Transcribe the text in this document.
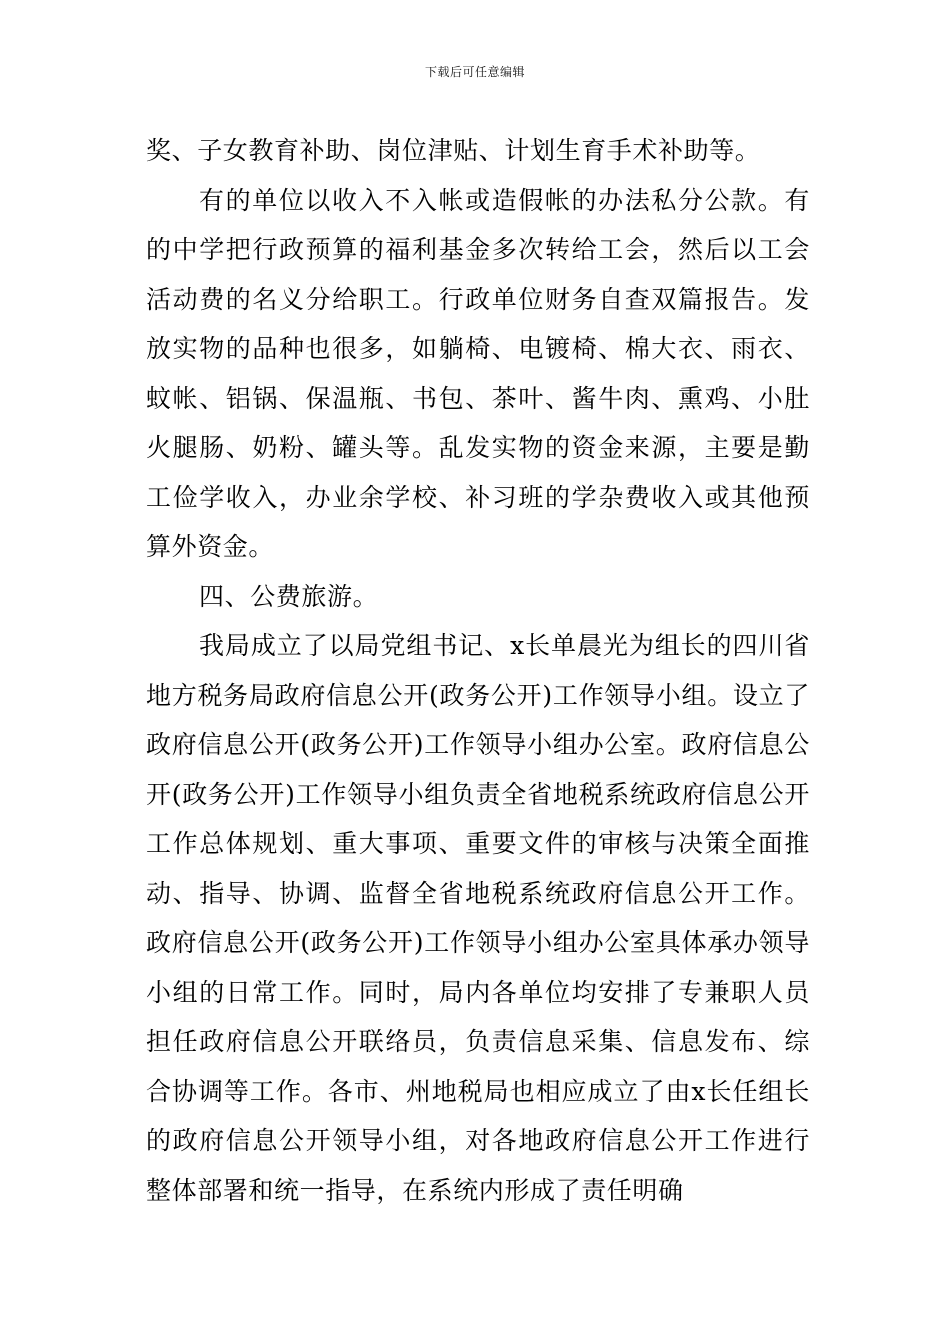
下载后可任意编辑

奖、子女教育补助、岗位津贴、计划生育手术补助等。

有的单位以收入不入帐或造假帐的办法私分公款。有的中学把行政预算的福利基金多次转给工会，然后以工会活动费的名义分给职工。行政单位财务自查双篇报告。发放实物的品种也很多，如躺椅、电镀椅、棉大衣、雨衣、蚊帐、铝锅、保温瓶、书包、茶叶、酱牛肉、熏鸡、小肚火腿肠、奶粉、罐头等。乱发实物的资金来源，主要是勤工俭学收入，办业余学校、补习班的学杂费收入或其他预算外资金。

四、公费旅游。

我局成立了以局党组书记、x长单晨光为组长的四川省地方税务局政府信息公开(政务公开)工作领导小组。设立了政府信息公开(政务公开)工作领导小组办公室。政府信息公开(政务公开)工作领导小组负责全省地税系统政府信息公开工作总体规划、重大事项、重要文件的审核与决策全面推动、指导、协调、监督全省地税系统政府信息公开工作。政府信息公开(政务公开)工作领导小组办公室具体承办领导小组的日常工作。同时，局内各单位均安排了专兼职人员担任政府信息公开联络员，负责信息采集、信息发布、综合协调等工作。各市、州地税局也相应成立了由x长任组长的政府信息公开领导小组，对各地政府信息公开工作进行整体部署和统一指导，在系统内形成了责任明确
